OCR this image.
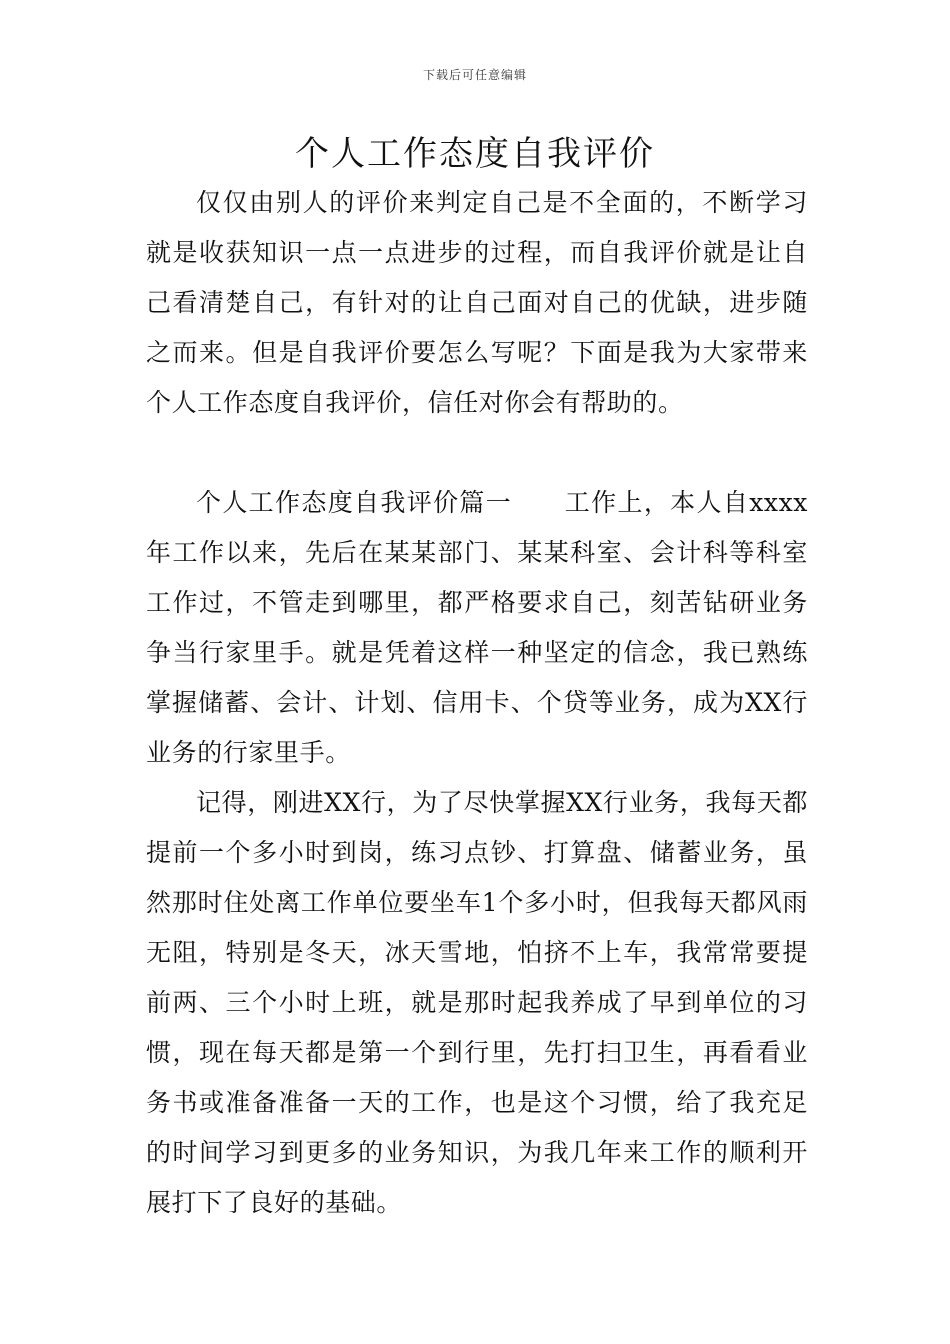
下载后可任意编辑
个人工作态度自我评价

仅仅由别人的评价来判定自己是不全面的，不断学习就是收获知识一点一点进步的过程，而自我评价就是让自己看清楚自己，有针对的让自己面对自己的优缺，进步随之而来。但是自我评价要怎么写呢？下面是我为大家带来个人工作态度自我评价，信任对你会有帮助的。

个人工作态度自我评价篇一　　工作上，本人自xxxx年工作以来，先后在某某部门、某某科室、会计科等科室工作过，不管走到哪里，都严格要求自己，刻苦钻研业务争当行家里手。就是凭着这样一种坚定的信念，我已熟练掌握储蓄、会计、计划、信用卡、个贷等业务，成为XX行业务的行家里手。

记得，刚进XX行，为了尽快掌握XX行业务，我每天都提前一个多小时到岗，练习点钞、打算盘、储蓄业务，虽然那时住处离工作单位要坐车1个多小时，但我每天都风雨无阻，特别是冬天，冰天雪地，怕挤不上车，我常常要提前两、三个小时上班，就是那时起我养成了早到单位的习惯，现在每天都是第一个到行里，先打扫卫生，再看看业务书或准备准备一天的工作，也是这个习惯，给了我充足的时间学习到更多的业务知识，为我几年来工作的顺利开展打下了良好的基础。
